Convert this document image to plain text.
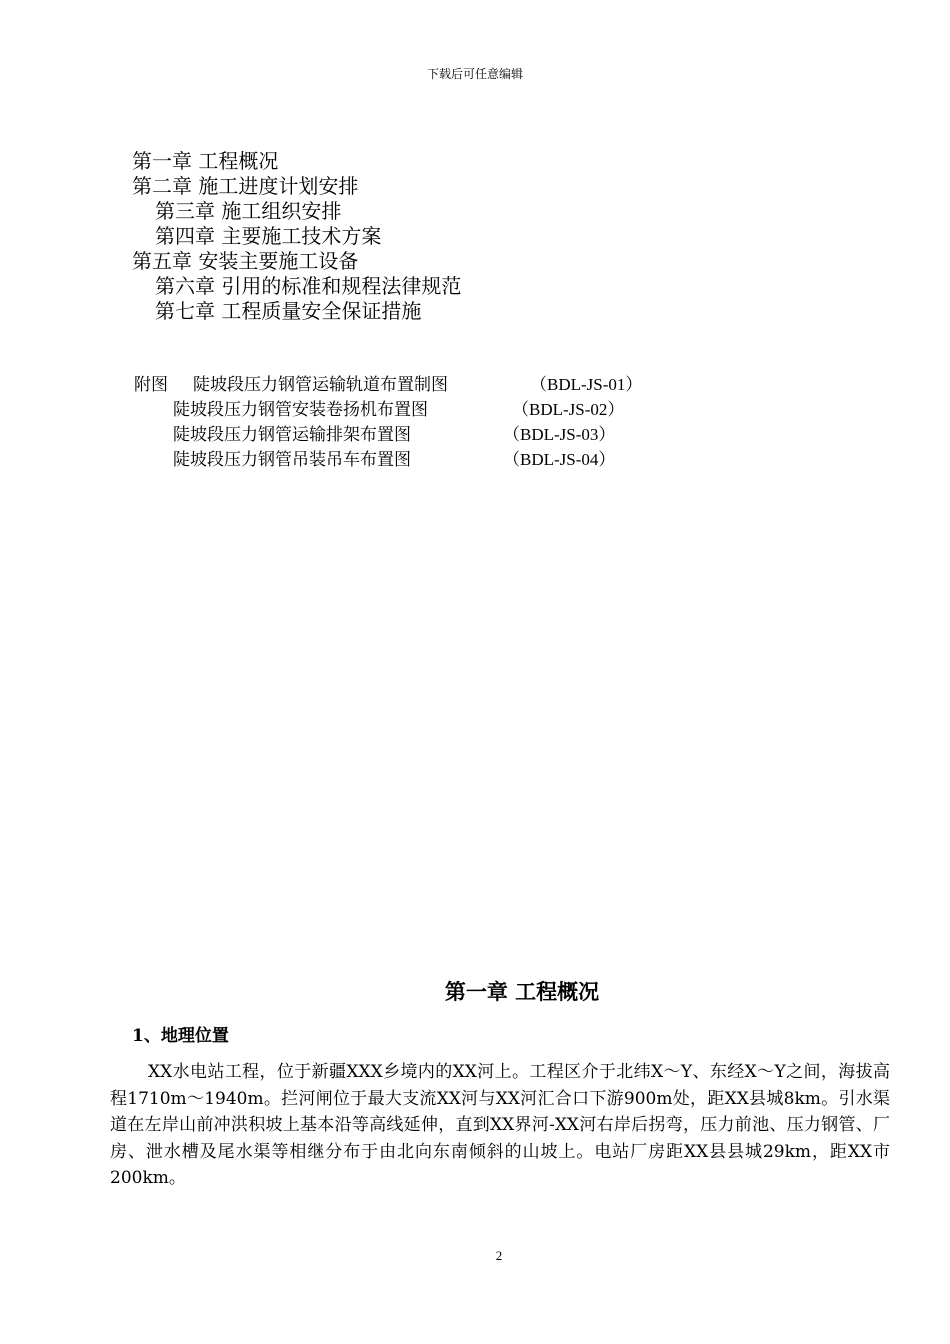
下载后可任意编辑
第一章 工程概况
第二章 施工进度计划安排
第三章 施工组织安排
第四章 主要施工技术方案
第五章 安装主要施工设备
第六章 引用的标准和规程法律规范
第七章 工程质量安全保证措施
附图 陡坡段压力钢管运输轨道布置制图	（BDL-JS-01）
陡坡段压力钢管安装卷扬机布置图	（BDL-JS-02）
陡坡段压力钢管运输排架布置图	（BDL-JS-03）
陡坡段压力钢管吊装吊车布置图	（BDL-JS-04）
第一章 工程概况
1、地理位置
XX水电站工程，位于新疆XXX乡境内的XX河上。工程区介于北纬X～Y、东经X～Y之间，海拔高程1710m～1940m。拦河闸位于最大支流XX河与XX河汇合口下游900m处，距XX县城8km。引水渠道在左岸山前冲洪积坡上基本沿等高线延伸，直到XX界河-XX河右岸后拐弯，压力前池、压力钢管、厂房、泄水槽及尾水渠等相继分布于由北向东南倾斜的山坡上。电站厂房距XX县县城29km，距XX市200km。
2
